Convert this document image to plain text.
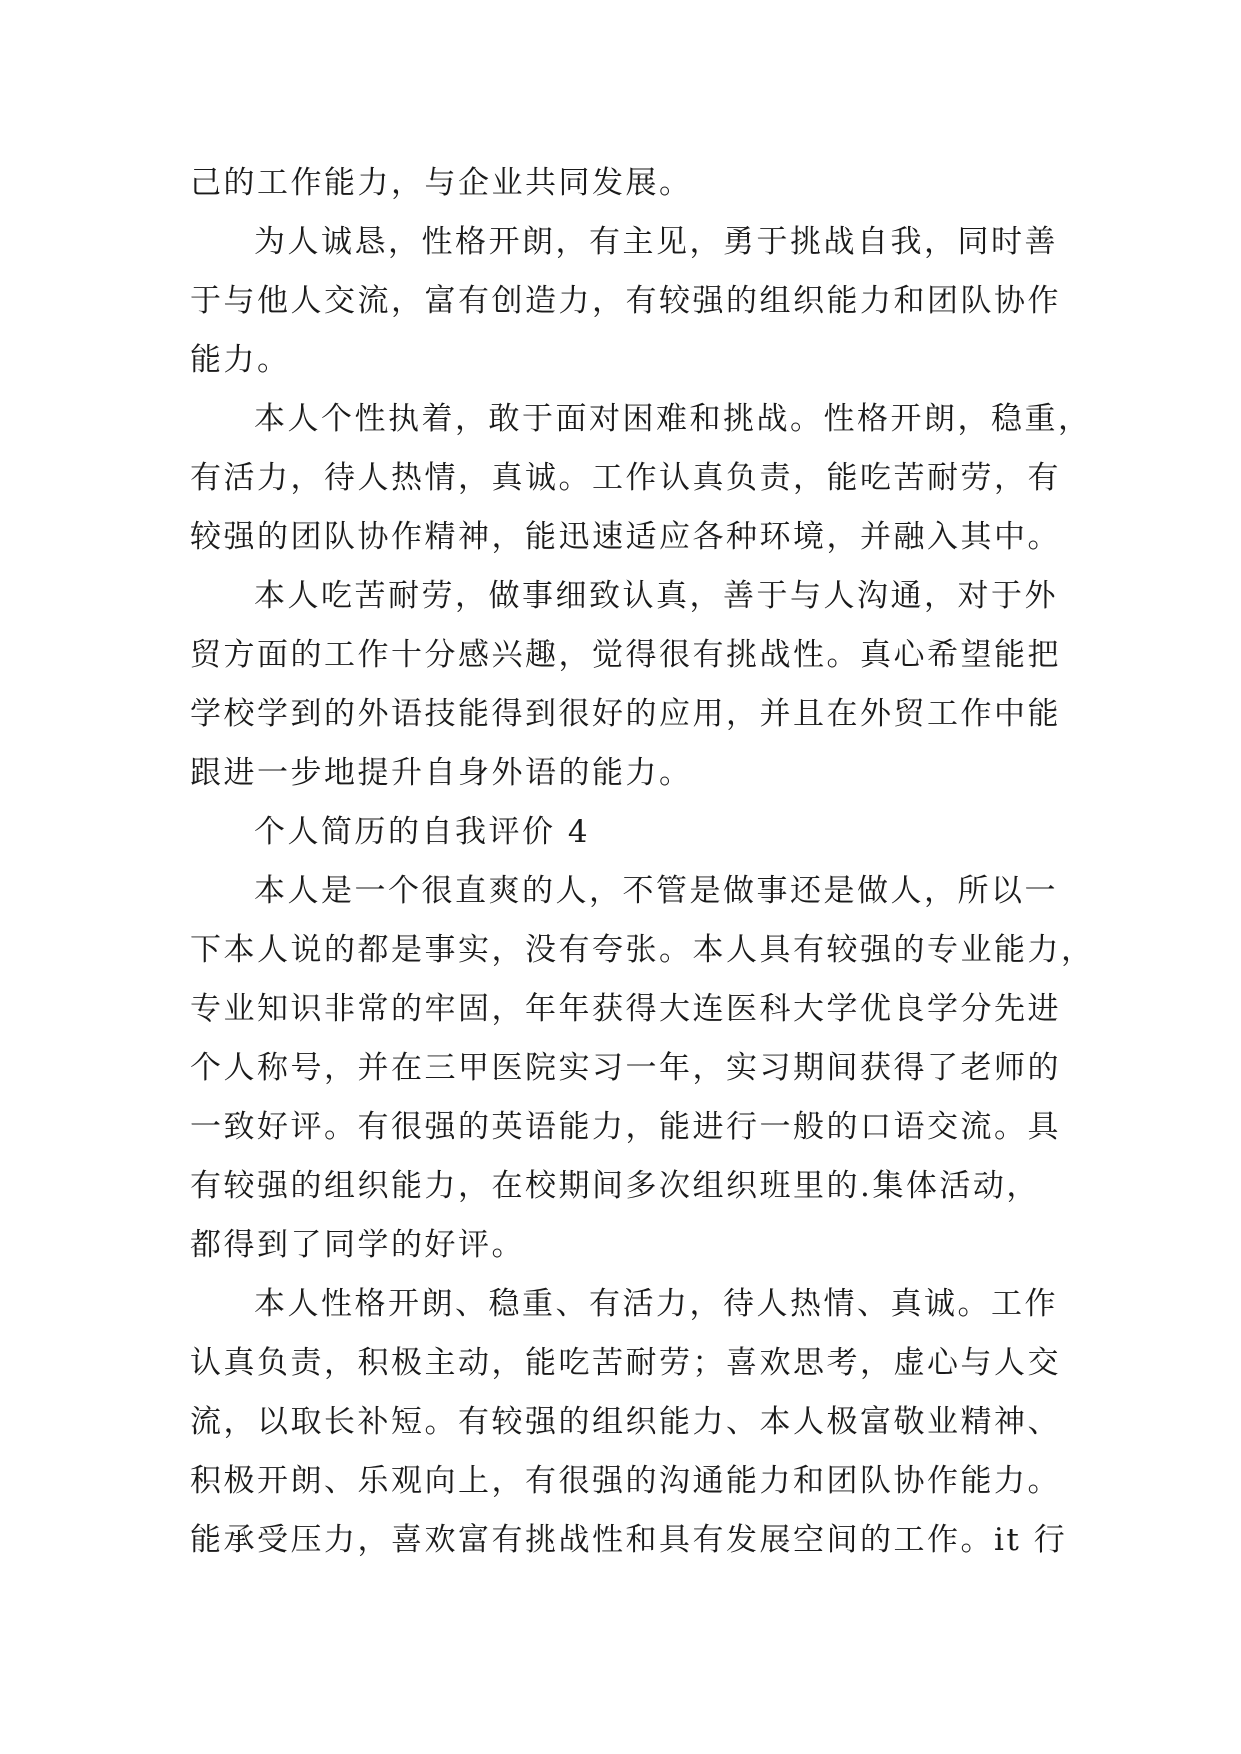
己的工作能力，与企业共同发展。
为人诚恳，性格开朗，有主见，勇于挑战自我，同时善
于与他人交流，富有创造力，有较强的组织能力和团队协作
能力。
本人个性执着，敢于面对困难和挑战。性格开朗，稳重，
有活力，待人热情，真诚。工作认真负责，能吃苦耐劳，有
较强的团队协作精神，能迅速适应各种环境，并融入其中。
本人吃苦耐劳，做事细致认真，善于与人沟通，对于外
贸方面的工作十分感兴趣，觉得很有挑战性。真心希望能把
学校学到的外语技能得到很好的应用，并且在外贸工作中能
跟进一步地提升自身外语的能力。
个人简历的自我评价 4
本人是一个很直爽的人，不管是做事还是做人，所以一
下本人说的都是事实，没有夸张。本人具有较强的专业能力，
专业知识非常的牢固，年年获得大连医科大学优良学分先进
个人称号，并在三甲医院实习一年，实习期间获得了老师的
一致好评。有很强的英语能力，能进行一般的口语交流。具
有较强的组织能力，在校期间多次组织班里的.集体活动，
都得到了同学的好评。
本人性格开朗、稳重、有活力，待人热情、真诚。工作
认真负责，积极主动，能吃苦耐劳；喜欢思考，虚心与人交
流，以取长补短。有较强的组织能力、本人极富敬业精神、
积极开朗、乐观向上，有很强的沟通能力和团队协作能力。
能承受压力，喜欢富有挑战性和具有发展空间的工作。it 行
